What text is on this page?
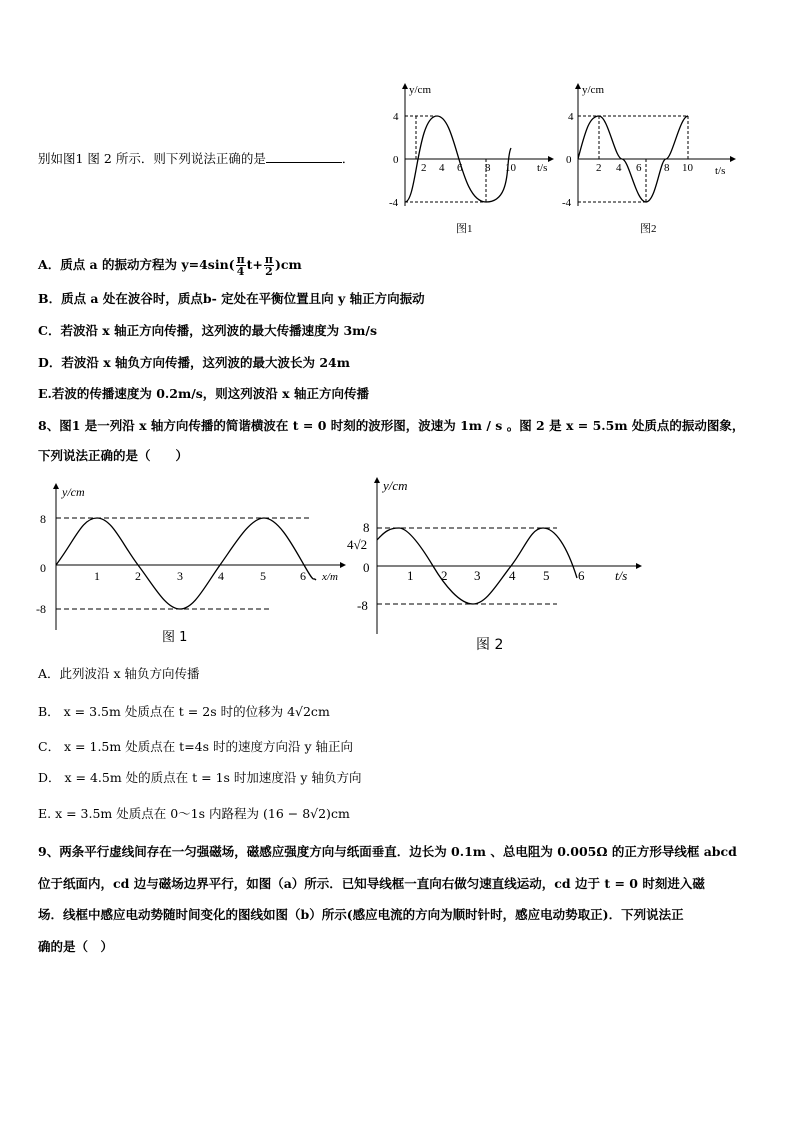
别如图1 图 2 所示．则下列说法正确的是	．
y/cm
t/s
4
0
-4
2 4 6 8 10
图1
y/cm
t/s
4
0
-4
2 4 6 8 10
图2
A．质点 a 的振动方程为 $y=4\sin( \frac{\pi}{4} t+ \frac{\pi}{2} )cm$
B．质点 a 处在波谷时，质点b- 定处在平衡位置且向 y 轴正方向振动
C．若波沿 x 轴正方向传播，这列波的最大传播速度为 3m/s
D．若波沿 x 轴负方向传播，这列波的最大波长为 24m
E.若波的传播速度为 0.2m/s，则这列波沿 x 轴正方向传播
8、图1 是一列沿 x 轴方向传播的简谐横波在 t = 0 时刻的波形图，波速为 1m / s 。图 2 是 x = 5.5m 处质点的振动图象，
下列说法正确的是（　　）
y/cm
x/m
8
0
-8
1	2	3	4	5	6
图 1
y/cm
t/s
8
4√2
0
-8
1 2 3 4 5 6
图 2
A．此列波沿 x 轴负方向传播
B． x = 3.5m 处质点在 t = 2s 时的位移为 4√2cm
C． x = 1.5m 处质点在 t=4s 时的速度方向沿 y 轴正向
D． x = 4.5m 处的质点在 t = 1s 时加速度沿 y 轴负方向
E. x = 3.5m 处质点在 0～1s 内路程为 (16 − 8√2)cm
9、两条平行虚线间存在一匀强磁场，磁感应强度方向与纸面垂直．边长为 0.1m 、总电阻为 0.005Ω 的正方形导线框 abcd
位于纸面内，cd 边与磁场边界平行，如图（a）所示．已知导线框一直向右做匀速直线运动，cd 边于 t = 0 时刻进入磁
场．线框中感应电动势随时间变化的图线如图（b）所示(感应电流的方向为顺时针时，感应电动势取正)．下列说法正
确的是（　）
